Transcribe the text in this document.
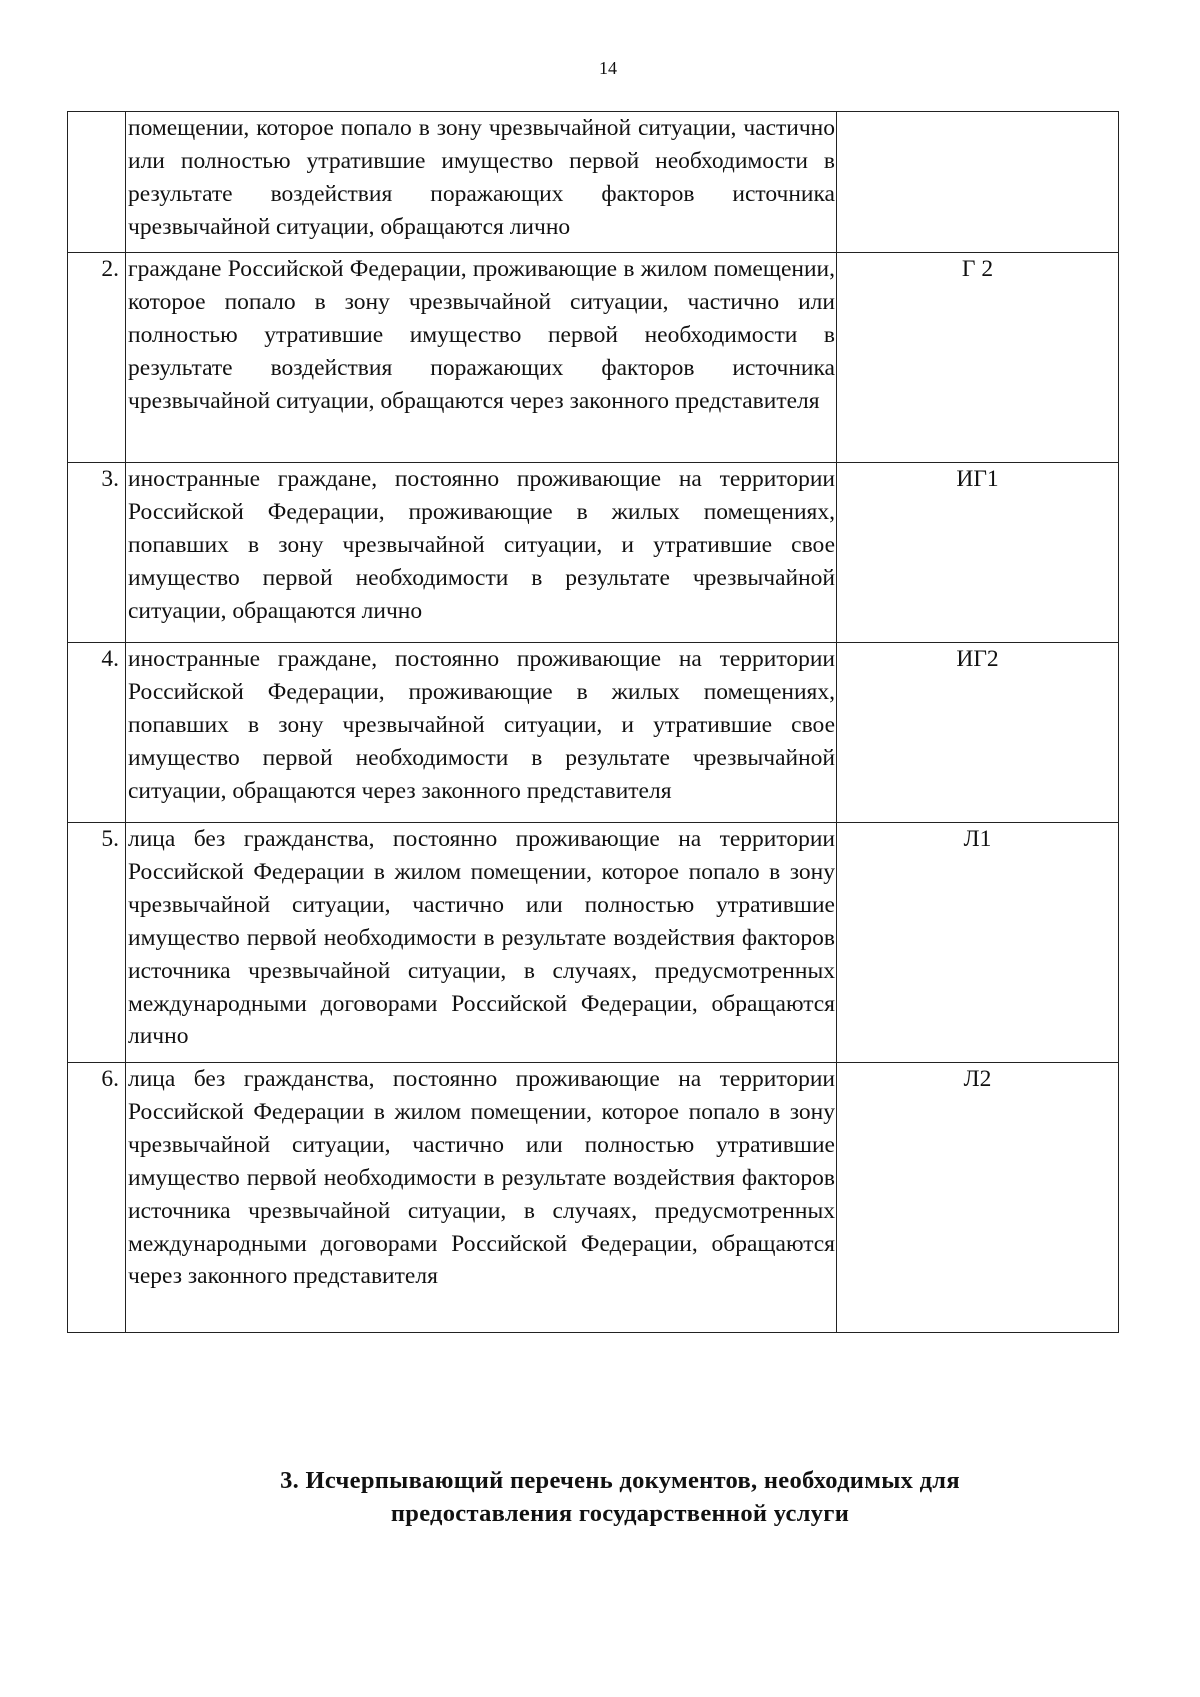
14
	помещении, которое попало в зону чрезвычайной ситуации, частично или полностью утратившие имущество первой необходимости в результате воздействия поражающих факторов источника чрезвычайной ситуации, обращаются лично	
2.	граждане Российской Федерации, проживающие в жилом помещении, которое попало в зону чрезвычайной ситуации, частично или полностью утратившие имущество первой необходимости в результате воздействия поражающих факторов источника чрезвычайной ситуации, обращаются через законного представителя	Г 2
3.	иностранные граждане, постоянно проживающие на территории Российской Федерации, проживающие в жилых помещениях, попавших в зону чрезвычайной ситуации, и утратившие свое имущество первой необходимости в результате чрезвычайной ситуации, обращаются лично	ИГ1
4.	иностранные граждане, постоянно проживающие на территории Российской Федерации, проживающие в жилых помещениях, попавших в зону чрезвычайной ситуации, и утратившие свое имущество первой необходимости в результате чрезвычайной ситуации, обращаются через законного представителя	ИГ2
5.	лица без гражданства, постоянно проживающие на территории Российской Федерации в жилом помещении, которое попало в зону чрезвычайной ситуации, частично или полностью утратившие имущество первой необходимости в результате воздействия факторов источника чрезвычайной ситуации, в случаях, предусмотренных международными договорами Российской Федерации, обращаются лично	Л1
6.	лица без гражданства, постоянно проживающие на территории Российской Федерации в жилом помещении, которое попало в зону чрезвычайной ситуации, частично или полностью утратившие имущество первой необходимости в результате воздействия факторов источника чрезвычайной ситуации, в случаях, предусмотренных международными договорами Российской Федерации, обращаются через законного представителя	Л2
3. Исчерпывающий перечень документов, необходимых для
предоставления государственной услуги
